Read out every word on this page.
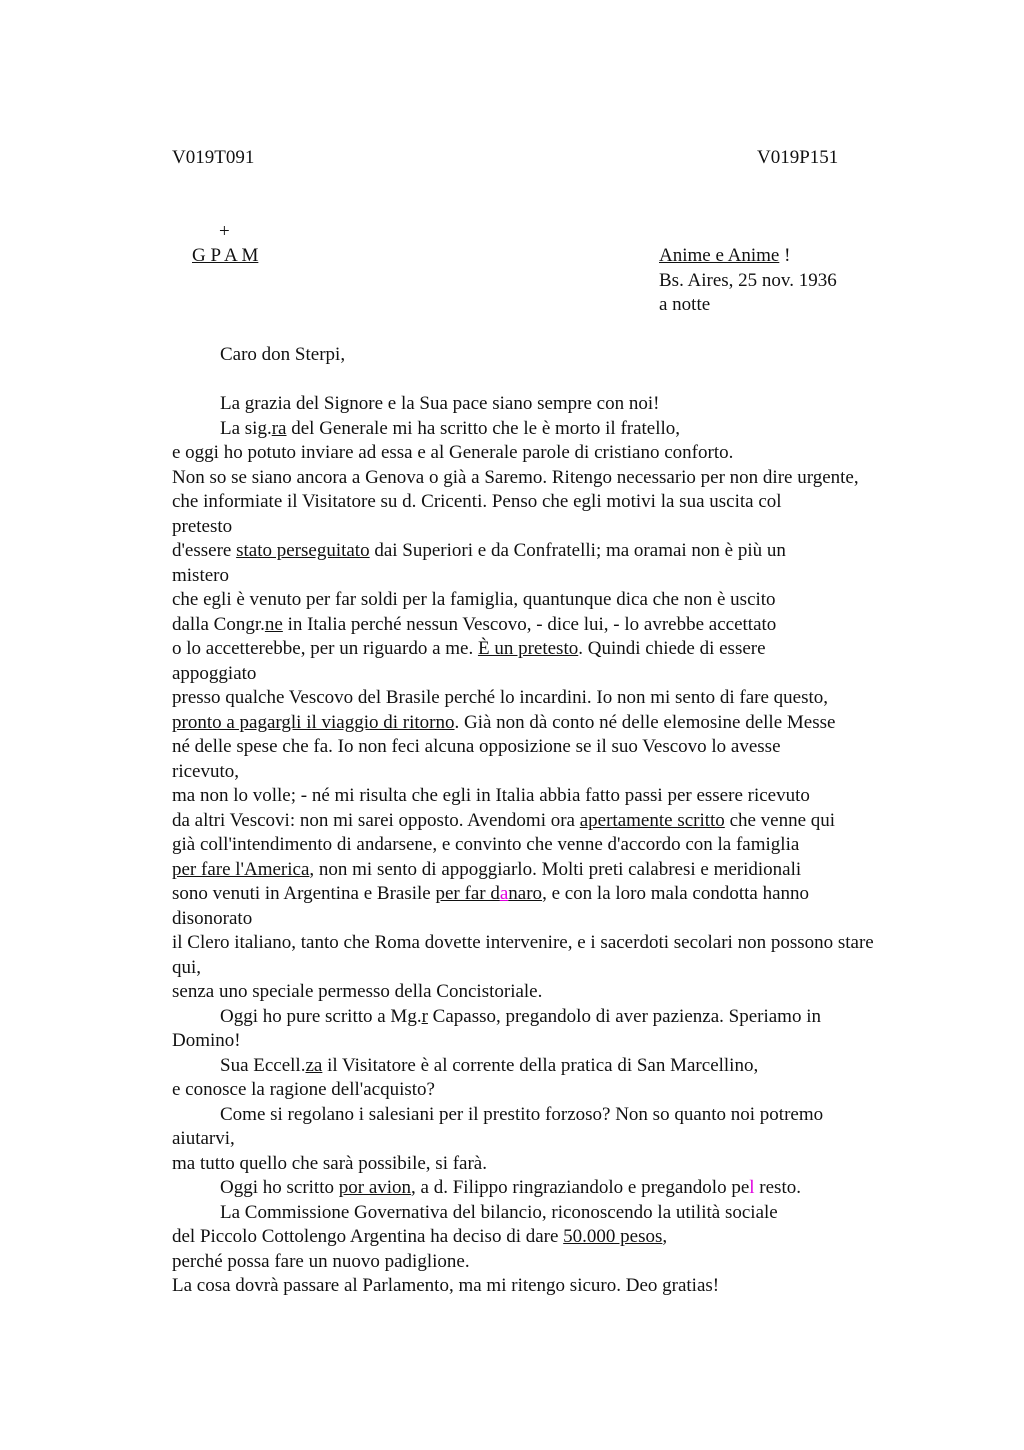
V019T091	V019P151
+
G P A M	Anime e Anime !
Bs. Aires, 25 nov. 1936
a notte

Caro don Sterpi,

La grazia del Signore e la Sua pace siano sempre con noi!

La sig.ra del Generale mi ha scritto che le è morto il fratello,

e oggi ho potuto inviare ad essa e al Generale parole di cristiano conforto.

Non so se siano ancora a Genova o già a Saremo. Ritengo necessario per non dire urgente,

che informiate il Visitatore su d. Cricenti. Penso che egli motivi la sua uscita col

pretesto

d'essere stato perseguitato dai Superiori e da Confratelli; ma oramai non è più un

mistero

che egli è venuto per far soldi per la famiglia, quantunque dica che non è uscito

dalla Congr.ne in Italia perché nessun Vescovo, - dice lui, - lo avrebbe accettato

o lo accetterebbe, per un riguardo a me. È un pretesto. Quindi chiede di essere

appoggiato

presso qualche Vescovo del Brasile perché lo incardini. Io non mi sento di fare questo,

pronto a pagargli il viaggio di ritorno. Già non dà conto né delle elemosine delle Messe

né delle spese che fa. Io non feci alcuna opposizione se il suo Vescovo lo avesse

ricevuto,

ma non lo volle; - né mi risulta che egli in Italia abbia fatto passi per essere ricevuto

da altri Vescovi: non mi sarei opposto. Avendomi ora apertamente scritto che venne qui

già coll'intendimento di andarsene, e convinto che venne d'accordo con la famiglia

per fare l'America, non mi sento di appoggiarlo. Molti preti calabresi e meridionali

sono venuti in Argentina e Brasile per far danaro, e con la loro mala condotta hanno

disonorato

il Clero italiano, tanto che Roma dovette intervenire, e i sacerdoti secolari non possono stare

qui,

senza uno speciale permesso della Concistoriale.

Oggi ho pure scritto a Mg.r Capasso, pregandolo di aver pazienza. Speriamo in

Domino!

Sua Eccell.za il Visitatore è al corrente della pratica di San Marcellino,

e conosce la ragione dell'acquisto?

Come si regolano i salesiani per il prestito forzoso? Non so quanto noi potremo

aiutarvi,

ma tutto quello che sarà possibile, si farà.

Oggi ho scritto por avion, a d. Filippo ringraziandolo e pregandolo pel resto.

La Commissione Governativa del bilancio, riconoscendo la utilità sociale

del Piccolo Cottolengo Argentina ha deciso di dare 50.000 pesos,

perché possa fare un nuovo padiglione.

La cosa dovrà passare al Parlamento, ma mi ritengo sicuro. Deo gratias!
